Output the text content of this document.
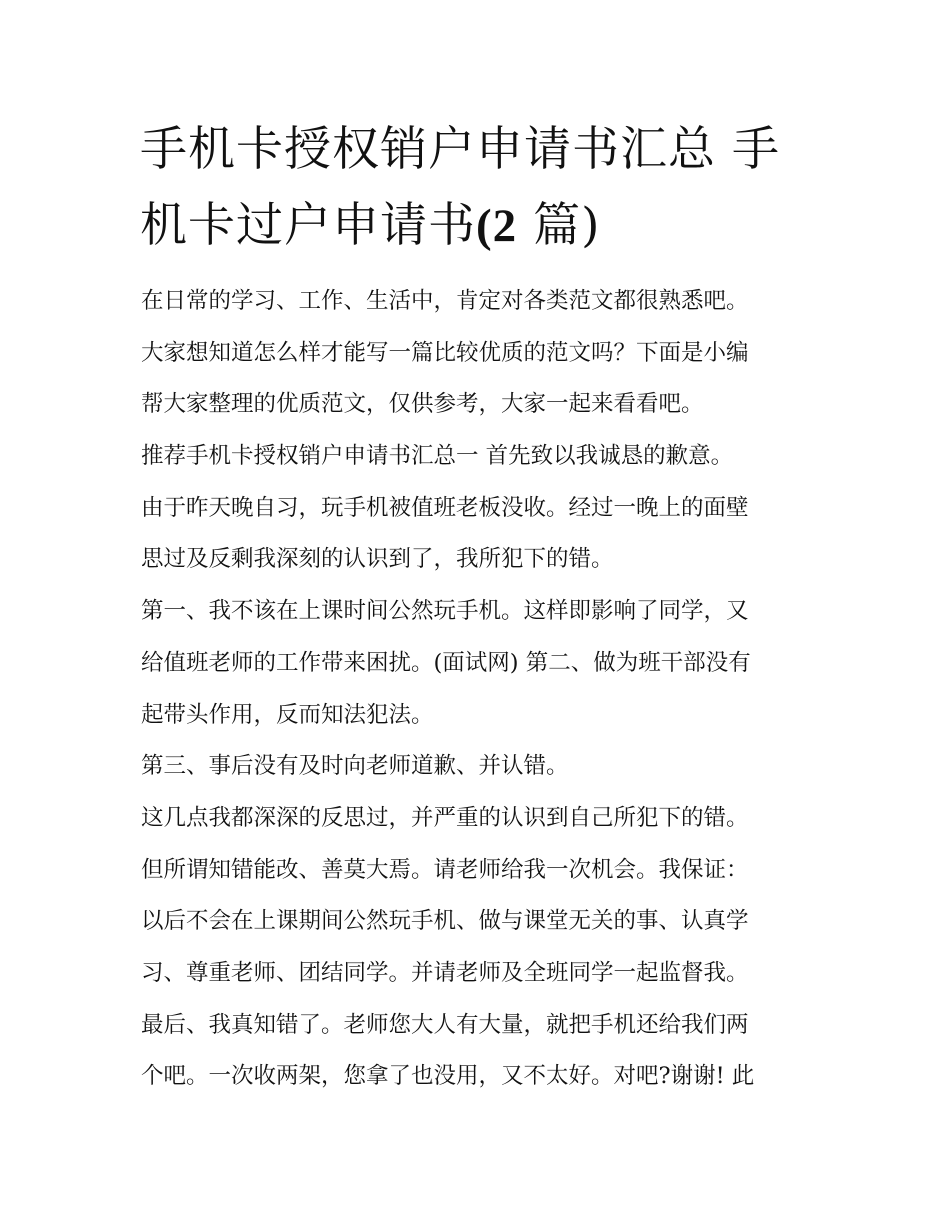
手机卡授权销户申请书汇总 手
机卡过户申请书(2 篇)
在日常的学习、工作、生活中，肯定对各类范文都很熟悉吧。
大家想知道怎么样才能写一篇比较优质的范文吗？下面是小编
帮大家整理的优质范文，仅供参考，大家一起来看看吧。
推荐手机卡授权销户申请书汇总一 首先致以我诚恳的歉意。
由于昨天晚自习，玩手机被值班老板没收。经过一晚上的面壁
思过及反剩我深刻的认识到了，我所犯下的错。
第一、我不该在上课时间公然玩手机。这样即影响了同学，又
给值班老师的工作带来困扰。(面试网) 第二、做为班干部没有
起带头作用，反而知法犯法。
第三、事后没有及时向老师道歉、并认错。
这几点我都深深的反思过，并严重的认识到自己所犯下的错。
但所谓知错能改、善莫大焉。请老师给我一次机会。我保证：
以后不会在上课期间公然玩手机、做与课堂无关的事、认真学
习、尊重老师、团结同学。并请老师及全班同学一起监督我。
最后、我真知错了。老师您大人有大量，就把手机还给我们两
个吧。一次收两架，您拿了也没用，又不太好。对吧?谢谢! 此
